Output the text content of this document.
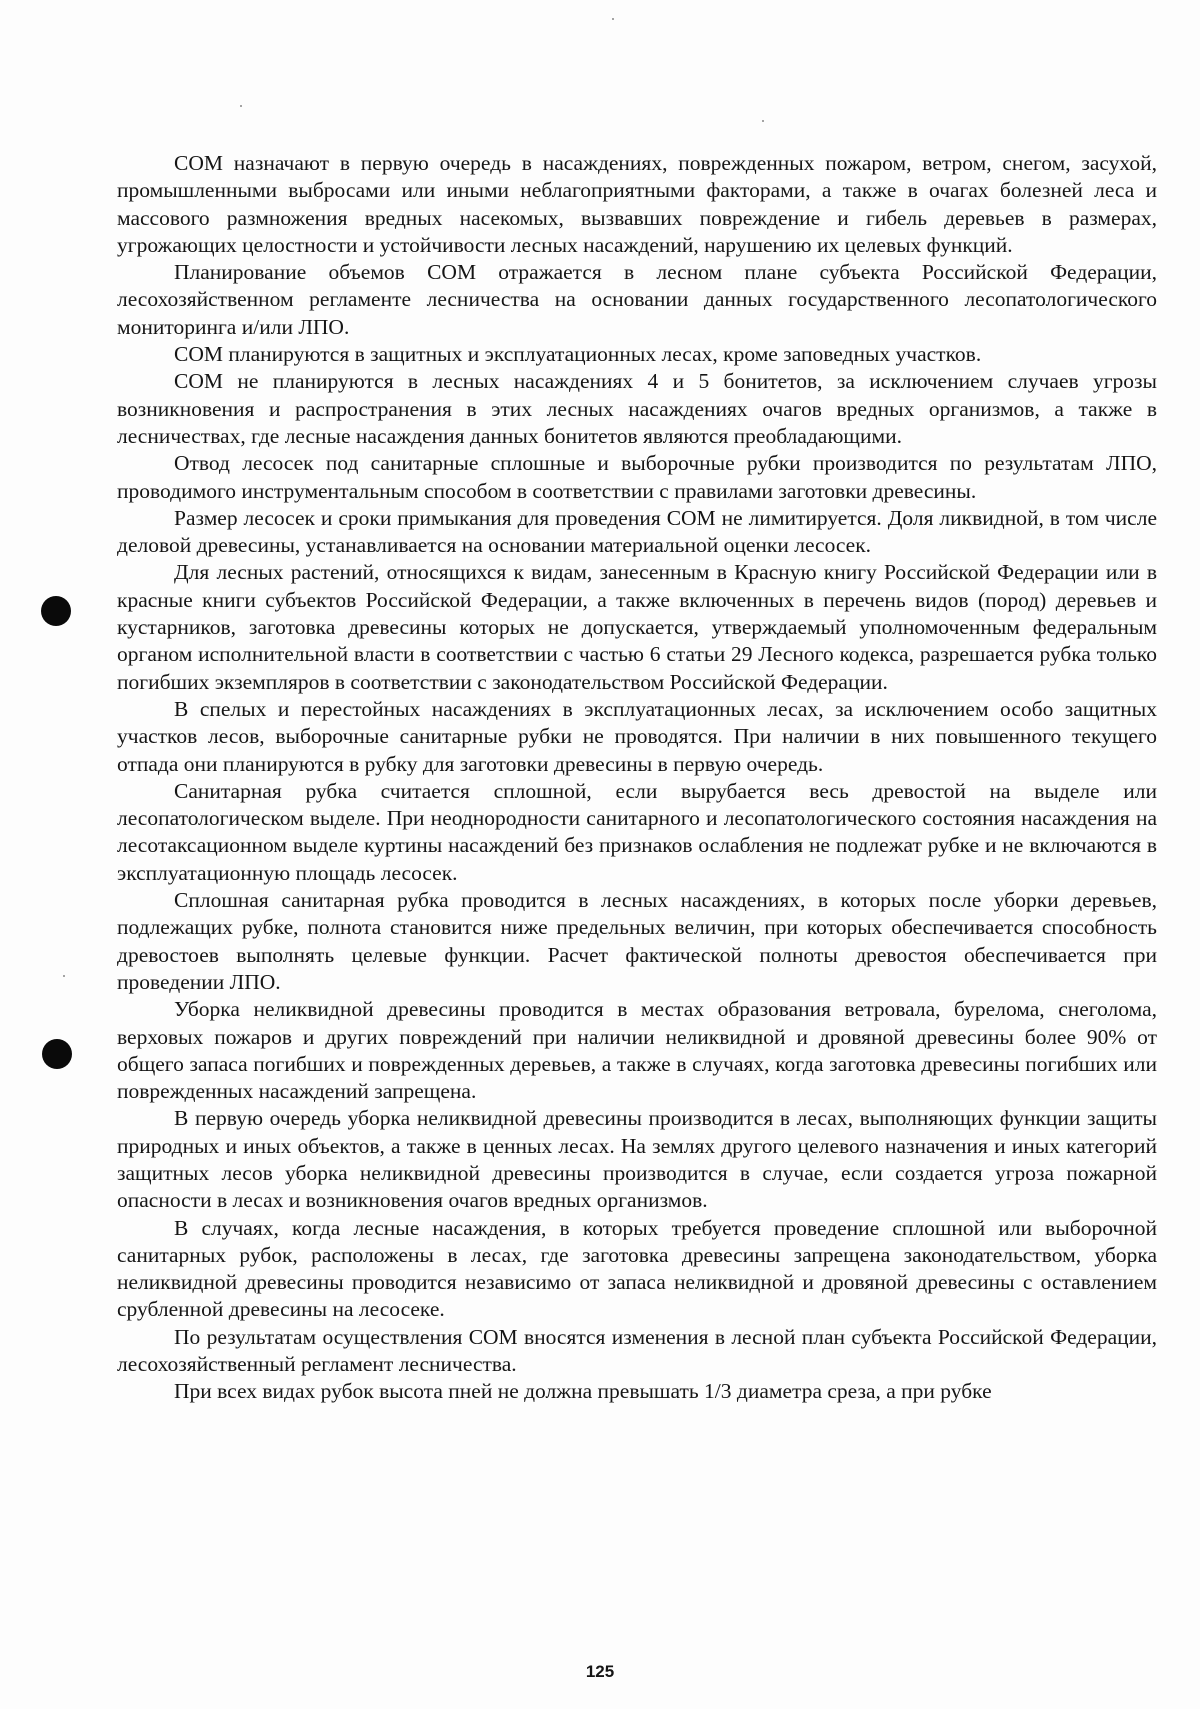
СОМ назначают в первую очередь в насаждениях, поврежденных пожаром, ветром, снегом, засухой, промышленными выбросами или иными неблагоприятными факторами, а также в очагах болезней леса и массового размножения вредных насекомых, вызвавших повреждение и гибель деревьев в размерах, угрожающих целостности и устойчивости лесных насаждений, нарушению их целевых функций.

Планирование объемов СОМ отражается в лесном плане субъекта Российской Федерации, лесохозяйственном регламенте лесничества на основании данных государственного лесопатологического мониторинга и/или ЛПО.

СОМ планируются в защитных и эксплуатационных лесах, кроме заповедных участков.

СОМ не планируются в лесных насаждениях 4 и 5 бонитетов, за исключением случаев угрозы возникновения и распространения в этих лесных насаждениях очагов вредных организмов, а также в лесничествах, где лесные насаждения данных бонитетов являются преобладающими.

Отвод лесосек под санитарные сплошные и выборочные рубки производится по результатам ЛПО, проводимого инструментальным способом в соответствии с правилами заготовки древесины.

Размер лесосек и сроки примыкания для проведения СОМ не лимитируется. Доля ликвидной, в том числе деловой древесины, устанавливается на основании материальной оценки лесосек.

Для лесных растений, относящихся к видам, занесенным в Красную книгу Российской Федерации или в красные книги субъектов Российской Федерации, а также включенных в перечень видов (пород) деревьев и кустарников, заготовка древесины которых не допускается, утверждаемый уполномоченным федеральным органом исполнительной власти в соответствии с частью 6 статьи 29 Лесного кодекса, разрешается рубка только погибших экземпляров в соответствии с законодательством Российской Федерации.

В спелых и перестойных насаждениях в эксплуатационных лесах, за исключением особо защитных участков лесов, выборочные санитарные рубки не проводятся. При наличии в них повышенного текущего отпада они планируются в рубку для заготовки древесины в первую очередь.

Санитарная рубка считается сплошной, если вырубается весь древостой на выделе или лесопатологическом выделе. При неоднородности санитарного и лесопатологического состояния насаждения на лесотаксационном выделе куртины насаждений без признаков ослабления не подлежат рубке и не включаются в эксплуатационную площадь лесосек.

Сплошная санитарная рубка проводится в лесных насаждениях, в которых после уборки деревьев, подлежащих рубке, полнота становится ниже предельных величин, при которых обеспечивается способность древостоев выполнять целевые функции. Расчет фактической полноты древостоя обеспечивается при проведении ЛПО.

Уборка неликвидной древесины проводится в местах образования ветровала, бурелома, снеголома, верховых пожаров и других повреждений при наличии неликвидной и дровяной древесины более 90% от общего запаса погибших и поврежденных деревьев, а также в случаях, когда заготовка древесины погибших или поврежденных насаждений запрещена.

В первую очередь уборка неликвидной древесины производится в лесах, выполняющих функции защиты природных и иных объектов, а также в ценных лесах. На землях другого целевого назначения и иных категорий защитных лесов уборка неликвидной древесины производится в случае, если создается угроза пожарной опасности в лесах и возникновения очагов вредных организмов.

В случаях, когда лесные насаждения, в которых требуется проведение сплошной или выборочной санитарных рубок, расположены в лесах, где заготовка древесины запрещена законодательством, уборка неликвидной древесины проводится независимо от запаса неликвидной и дровяной древесины с оставлением срубленной древесины на лесосеке.

По результатам осуществления СОМ вносятся изменения в лесной план субъекта Российской Федерации, лесохозяйственный регламент лесничества.

При всех видах рубок высота пней не должна превышать 1/3 диаметра среза, а при рубке

125
